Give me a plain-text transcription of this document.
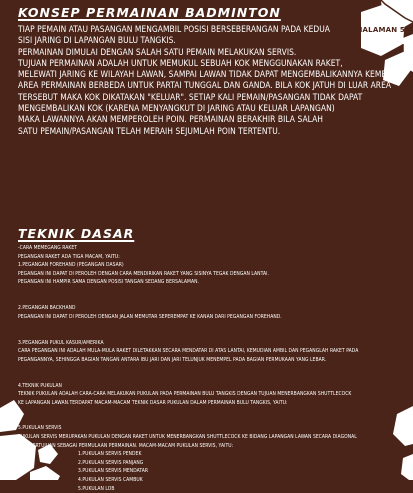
HALAMAN 5
KONSEP PERMAINAN BADMINTON

TIAP PEMAIN ATAU PASANGAN MENGAMBIL POSISI BERSEBERANGAN PADA KEDUA

SISI JARING DI LAPANGAN BULU TANGKIS.

PERMAINAN DIMULAI DENGAN SALAH SATU PEMAIN MELAKUKAN SERVIS.

TUJUAN PERMAINAN ADALAH UNTUK MEMUKUL SEBUAH KOK MENGGUNAKAN RAKET,

MELEWATI JARING KE WILAYAH LAWAN, SAMPAI LAWAN TIDAK DAPAT MENGEMBALIKANNYA KEMBALI.

AREA PERMAINAN BERBEDA UNTUK PARTAI TUNGGAL DAN GANDA. BILA KOK JATUH DI LUAR AREA

TERSEBUT MAKA KOK DIKATAKAN "KELUAR". SETIAP KALI PEMAIN/PASANGAN TIDAK DAPAT

MENGEMBALIKAN KOK (KARENA MENYANGKUT DI JARING ATAU KELUAR LAPANGAN)

MAKA LAWANNYA AKAN MEMPEROLEH POIN. PERMAINAN BERAKHIR BILA SALAH

SATU PEMAIN/PASANGAN TELAH MERAIH SEJUMLAH POIN TERTENTU.

TEKNIK DASAR

-CARA MEMEGANG RAKET

PEGANGAN RAKET ADA TIGA MACAM, YAITU:

1.PEGANGAN FOREHAND (PEGANGAN DASAR)

PEGANGAN INI DAPAT DI PEROLEH DENGAN CARA MENDIRIKAN RAKET YANG SISINYA TEGAK DENGAN LANTAI.

PEGANGAN INI HAMPIR SAMA DENGAN POSISI TANGAN SEDANG BERSALAMAN.

2.PEGANGAN BACKHAND

PEGANGAN INI DAPAT DI PEROLEH DENGAN JALAN MEMUTAR SEPEREMPAT KE KANAN DARI PEGANGAN FOREHAND.

3.PEGANGAN PUKUL KASUR/AMERIKA

CARA PEGANGAN INI ADALAH MULA-MULA RAKET DILETAKKAN SECARA MENDATAR DI ATAS LANTAI, KEMUDIAN AMBIL DAN PEGANGLAH RAKET PADA

PEGANGANNYA, SEHINGGA BAGIAN TANGAN ANTARA IBU JARI DAN JARI TELUNJUK MENEMPEL PADA BAGIAN PERMUKAAN YANG LEBAR.

4.TEKNIK PUKULAN

TEKNIK PUKULAN ADALAH CARA-CARA MELAKUKAN PUKULAN PADA PERMAINAN BULU TANGKIS DENGAN TUJUAN MENERBANGKAN SHUTTLECOCK

KE LAPANGAN LAWAN.TERDAPAT MACAM-MACAM TEKNIK DASAR PUKULAN DALAM PERMAINAN BULU TANGKIS, YAITU:

5.PUKULAN SERVIS

PUKULAN SERVIS MERUPAKAN PUKULAN DENGAN RAKET UNTUK MENERBANGKAN SHUTTLECOCK KE BIDANG LAPANGAN LAWAN SECARA DIAGONAL

DAN BERTUJUAN SEBAGAI PERMULAAN PERMAINAN. MACAM-MACAM PUKULAN SERVIS, YAITU:

1.PUKULAN SERVIS PENDEK

2.PUKULAN SERVIS PANJANG

3.PUKULAN SERVIS MENDATAR

4.PUKULAN SERVIS CAMBUK

5.PUKULAN LOB
